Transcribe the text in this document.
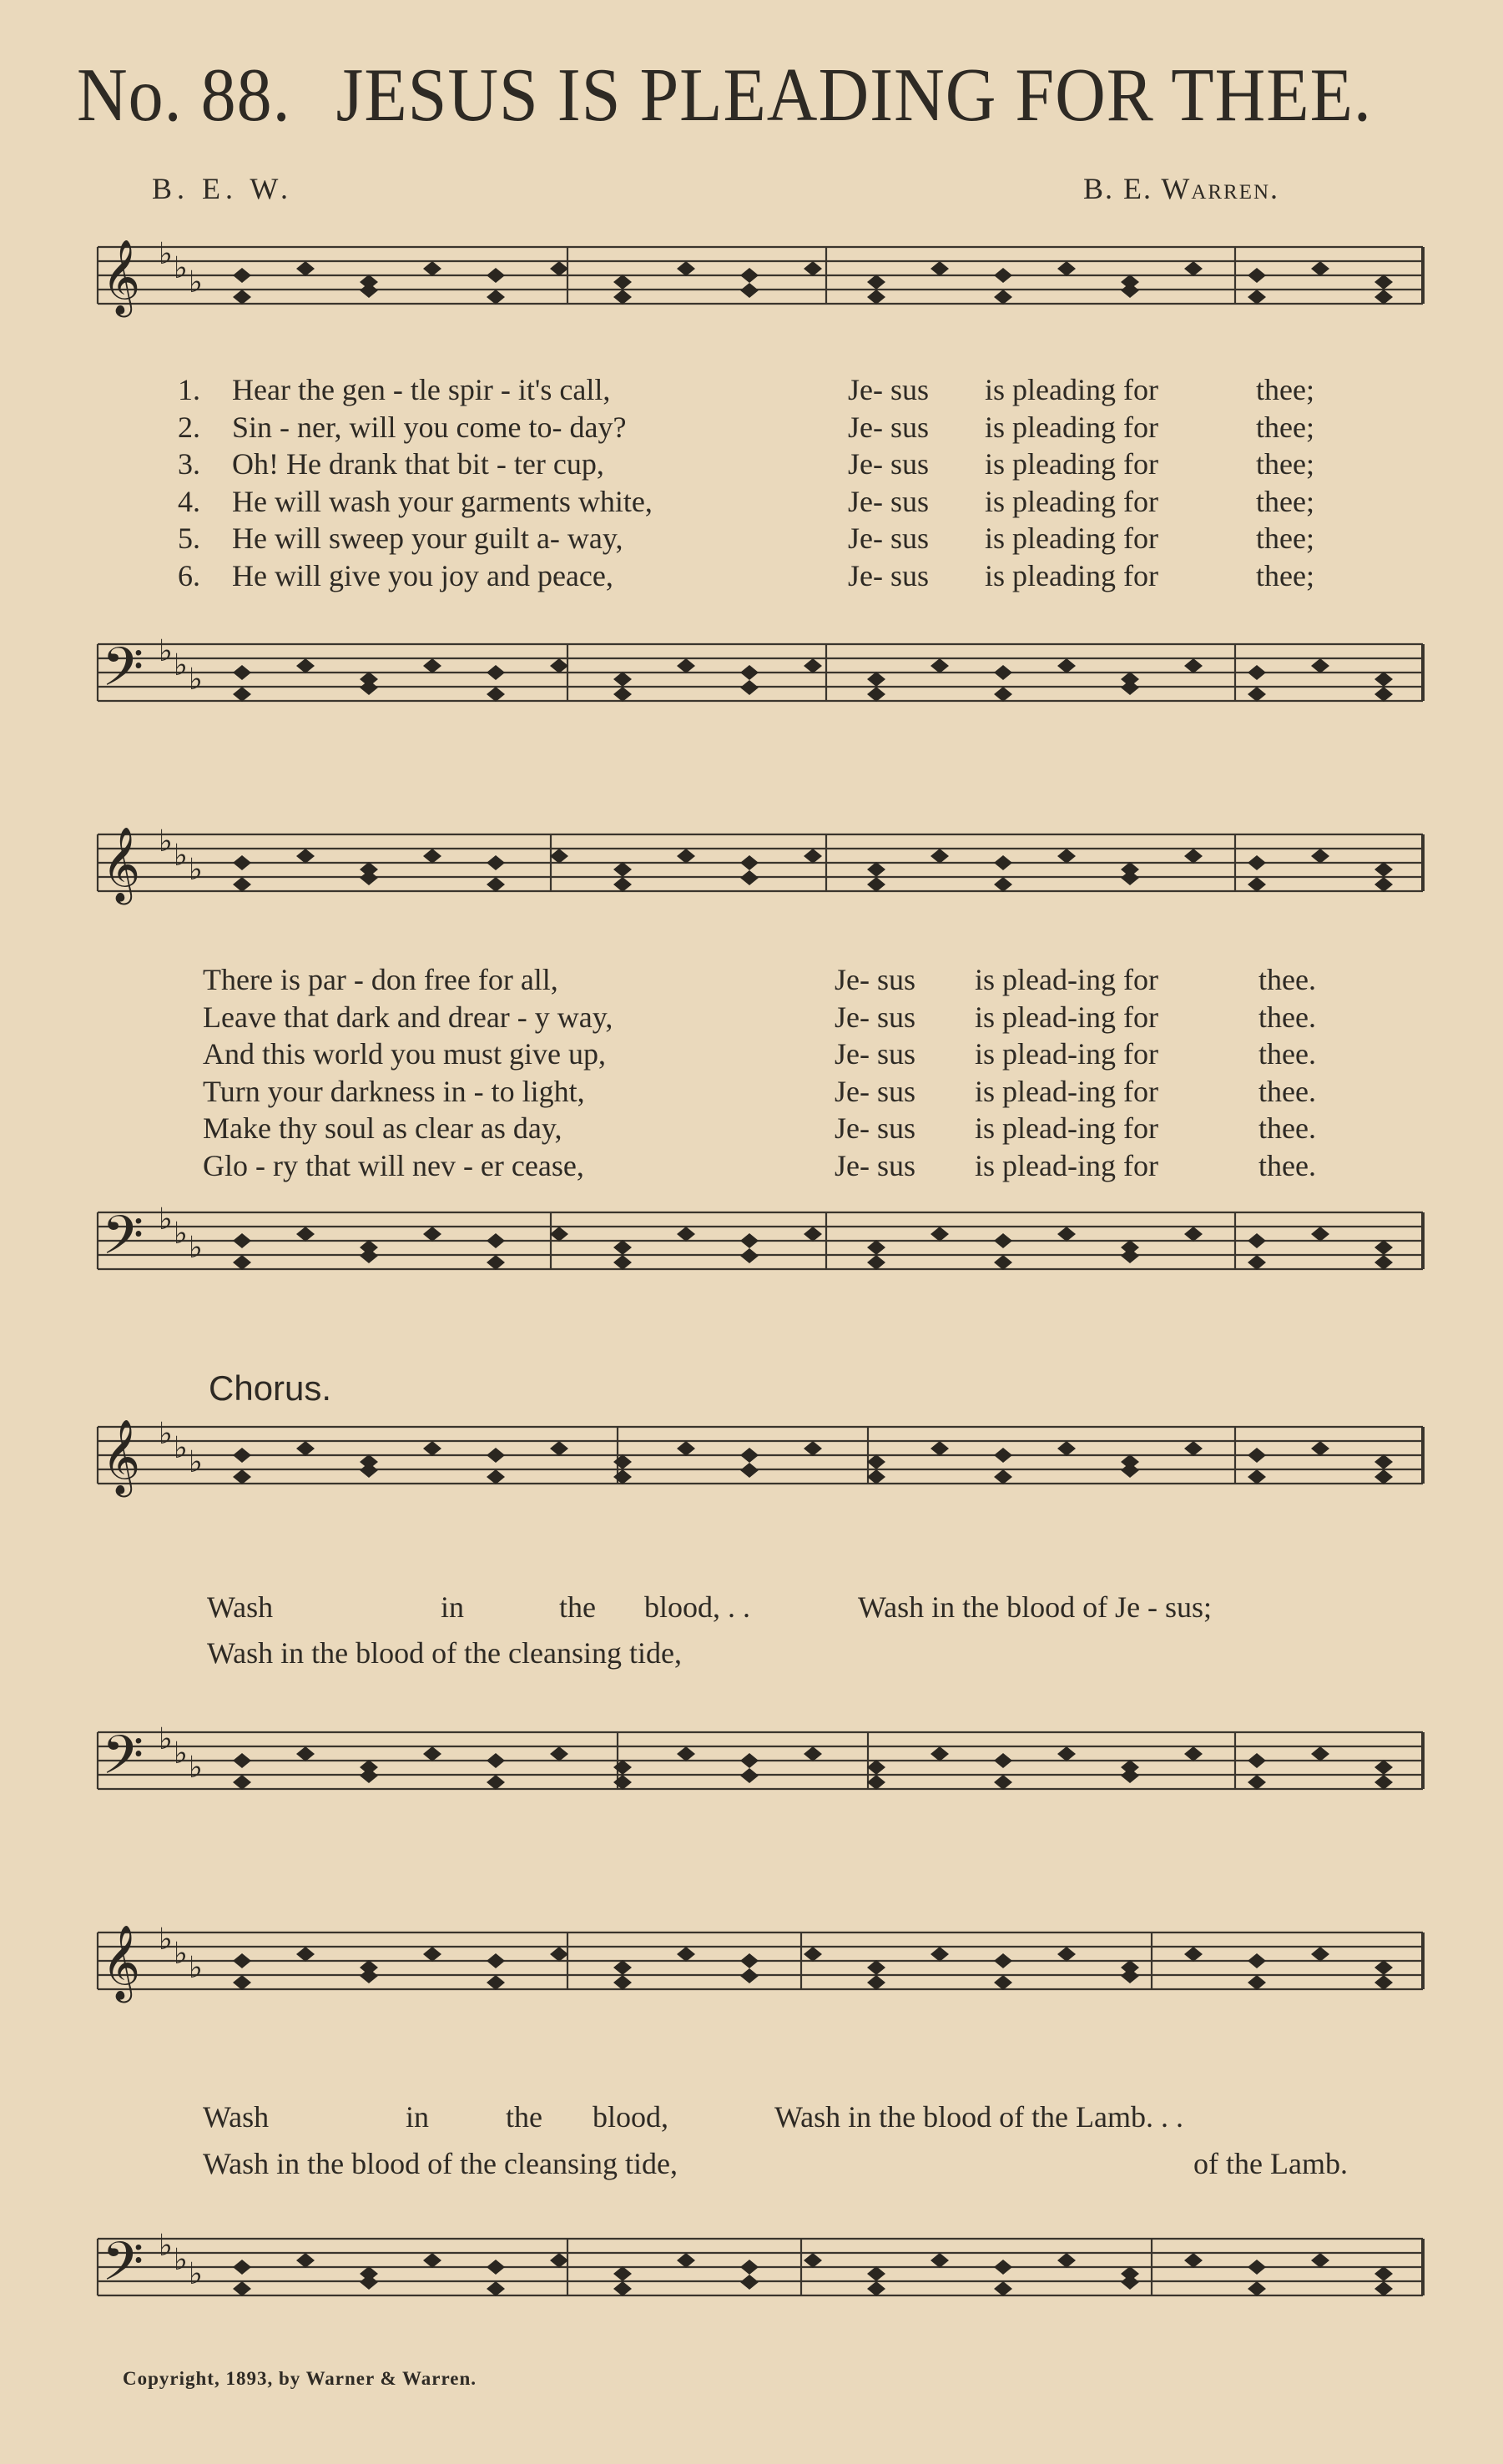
No. 88. JESUS IS PLEADING FOR THEE.
B. E. W.	B. E. Warren.
𝄞 ♭ ♭ ♭
𝄢 ♭ ♭ ♭
𝄞 ♭ ♭ ♭
𝄢 ♭ ♭ ♭
𝄞 ♭ ♭ ♭
𝄢 ♭ ♭ ♭
𝄞 ♭ ♭ ♭
𝄢 ♭ ♭ ♭
1. Hear the gen - tle spir - it's call,	Je- sus is pleading for	thee;
2. Sin - ner, will you come to- day?	Je- sus is pleading for	thee;
3. Oh! He drank that bit - ter cup,	Je- sus is pleading for	thee;
4. He will wash your garments white,	Je- sus is pleading for	thee;
5. He will sweep your guilt a- way,	Je- sus is pleading for	thee;
6. He will give you joy and peace,	Je- sus is pleading for	thee;
There is par - don free for all,	Je- sus is plead-ing for	thee.
Leave that dark and drear - y way,	Je- sus is plead-ing for	thee.
And this world you must give up,	Je- sus is plead-ing for	thee.
Turn your darkness in - to light,	Je- sus is plead-ing for	thee.
Make thy soul as clear as day,	Je- sus is plead-ing for	thee.
Glo - ry that will nev - er cease,	Je- sus is plead-ing for	thee.
Chorus.
Wash	in	the blood, . .	Wash in the blood of Je - sus;
Wash in the blood of the cleansing tide,
Wash	in	the blood,	Wash in the blood of the Lamb. . .
Wash in the blood of the cleansing tide,	of the Lamb.
Copyright, 1893, by Warner & Warren.
